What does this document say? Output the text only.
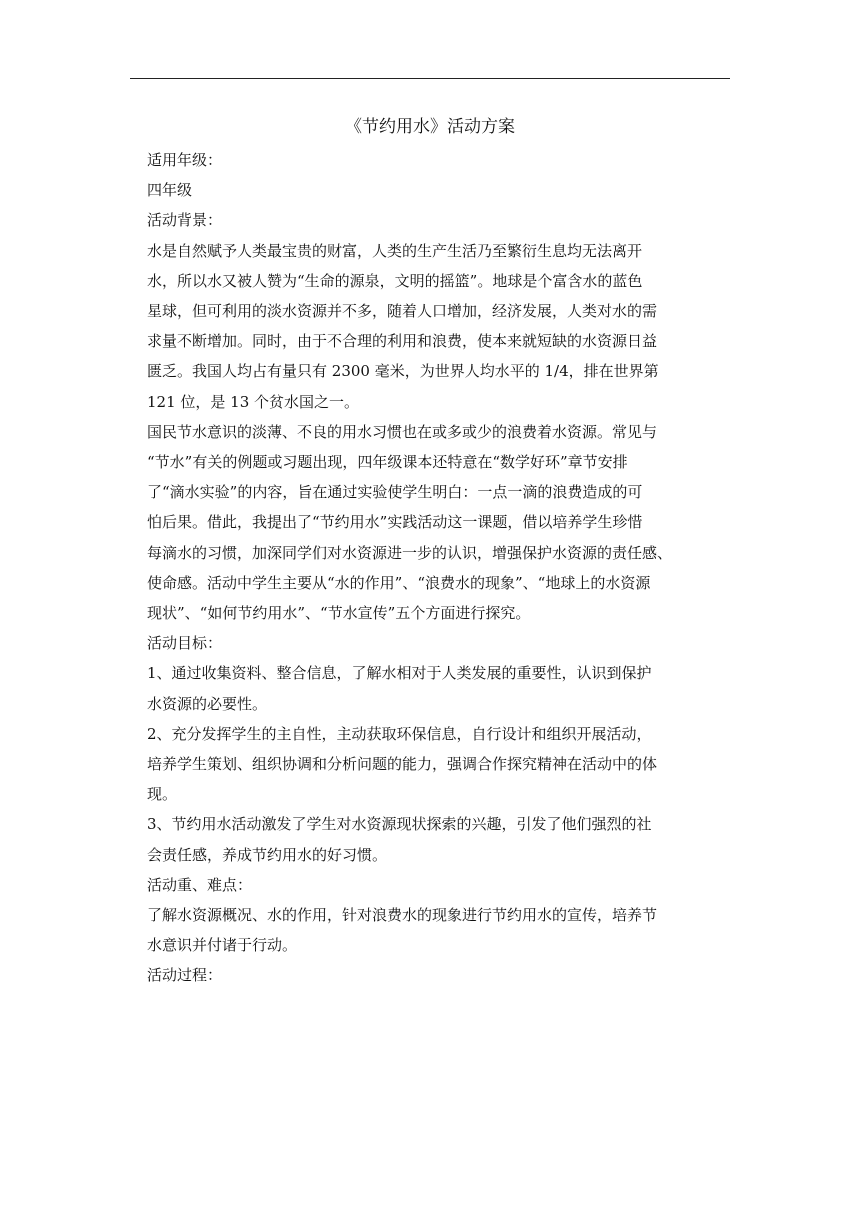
《节约用水》活动方案
适用年级：
四年级
活动背景：
水是自然赋予人类最宝贵的财富，人类的生产生活乃至繁衍生息均无法离开
水，所以水又被人赞为“生命的源泉，文明的摇篮”。地球是个富含水的蓝色
星球，但可利用的淡水资源并不多，随着人口增加，经济发展，人类对水的需
求量不断增加。同时，由于不合理的利用和浪费，使本来就短缺的水资源日益
匮乏。我国人均占有量只有 2300 毫米，为世界人均水平的 1/4，排在世界第
121 位，是 13 个贫水国之一。
国民节水意识的淡薄、不良的用水习惯也在或多或少的浪费着水资源。常见与
“节水”有关的例题或习题出现，四年级课本还特意在“数学好环”章节安排
了“滴水实验”的内容，旨在通过实验使学生明白：一点一滴的浪费造成的可
怕后果。借此，我提出了“节约用水”实践活动这一课题，借以培养学生珍惜
每滴水的习惯，加深同学们对水资源进一步的认识，增强保护水资源的责任感、
使命感。活动中学生主要从“水的作用”、“浪费水的现象”、“地球上的水资源
现状”、“如何节约用水”、“节水宣传”五个方面进行探究。
活动目标：
1、通过收集资料、整合信息，了解水相对于人类发展的重要性，认识到保护
水资源的必要性。
2、充分发挥学生的主自性，主动获取环保信息，自行设计和组织开展活动，
培养学生策划、组织协调和分析问题的能力，强调合作探究精神在活动中的体
现。
3、节约用水活动激发了学生对水资源现状探索的兴趣，引发了他们强烈的社
会责任感，养成节约用水的好习惯。
活动重、难点：
了解水资源概况、水的作用，针对浪费水的现象进行节约用水的宣传，培养节
水意识并付诸于行动。
活动过程：
